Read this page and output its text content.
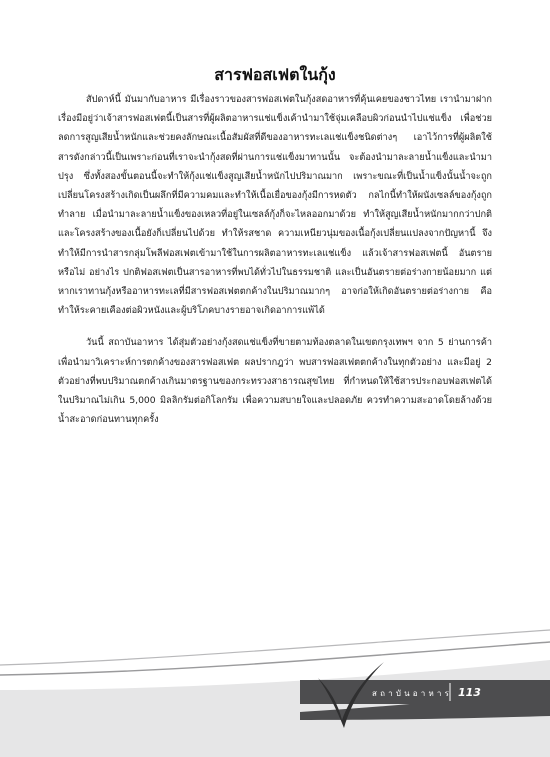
สารฟอสเฟตในกุ้ง

สัปดาห์นี้ มันมากับอาหาร มีเรื่องราวของสารฟอสเฟตในกุ้งสดอาหารที่คุ้นเคยของชาวไทย เรานำมาฝาก เรื่องมีอยู่ว่าเจ้าสารฟอสเฟตนี้เป็นสารที่ผู้ผลิตอาหารแช่แข็งเค้านำมาใช้จุ่มเคลือบผิวก่อนนำไปแช่แข็ง เพื่อช่วยลดการสูญเสียน้ำหนักและช่วยคงลักษณะเนื้อสัมผัสที่ดีของอาหารทะเลแช่แข็งชนิดต่างๆ เอาไว้การที่ผู้ผลิตใช้สารดังกล่าวนี้เป็นเพราะก่อนที่เราจะนำกุ้งสดที่ผ่านการแช่แข็งมาทานนั้น จะต้องนำมาละลายน้ำแข็งและนำมาปรุง ซึ่งทั้งสองขั้นตอนนี้จะทำให้กุ้งแช่แข็งสูญเสียน้ำหนักไปปริมาณมาก เพราะขณะที่เป็นน้ำแข็งนั้นน้ำจะถูกเปลี่ยนโครงสร้างเกิดเป็นผลึกที่มีความคมและทำให้เนื้อเยื่อของกุ้งมีการหดตัว กลไกนี้ทำให้ผนังเซลล์ของกุ้งถูกทำลาย เมื่อนำมาละลายน้ำแข็งของเหลวที่อยู่ในเซลล์กุ้งก็จะไหลออกมาด้วย ทำให้สูญเสียน้ำหนักมากกว่าปกติ และโครงสร้างของเนื้อยังก็เปลี่ยนไปด้วย ทำให้รสชาด ความเหนียวนุ่มของเนื้อกุ้งเปลี่ยนแปลงจากปัญหานี้ จึงทำให้มีการนำสารกลุ่มโพลีฟอสเฟตเข้ามาใช้ในการผลิตอาหารทะเลแช่แข็ง แล้วเจ้าสารฟอสเฟตนี้ อันตรายหรือไม่ อย่างไร ปกติฟอสเฟตเป็นสารอาหารที่พบได้ทั่วไปในธรรมชาติ และเป็นอันตรายต่อร่างกายน้อยมาก แต่หากเราทานกุ้งหรืออาหารทะเลที่มีสารฟอสเฟตตกค้างในปริมาณมากๆ อาจก่อให้เกิดอันตรายต่อร่างกาย คือ ทำให้ระคายเคืองต่อผิวหนังและผู้บริโภคบางรายอาจเกิดอาการแพ้ได้

วันนี้ สถาบันอาหาร ได้สุ่มตัวอย่างกุ้งสดแช่แข็งที่ขายตามท้องตลาดในเขตกรุงเทพฯ จาก 5 ย่านการค้า เพื่อนำมาวิเคราะห์การตกค้างของสารฟอสเฟต ผลปรากฎว่า พบสารฟอสเฟตตกค้างในทุกตัวอย่าง และมีอยู่ 2 ตัวอย่างที่พบปริมาณตกค้างเกินมาตรฐานของกระทรวงสาธารณสุขไทย ที่กำหนดให้ใช้สารประกอบฟอสเฟตได้ในปริมาณไม่เกิน 5,000 มิลลิกรัมต่อกิโลกรัม เพื่อความสบายใจและปลอดภัย ควรทำความสะอาดโดยล้างด้วยน้ำสะอาดก่อนทานทุกครั้ง

สถาบันอาหาร 113
